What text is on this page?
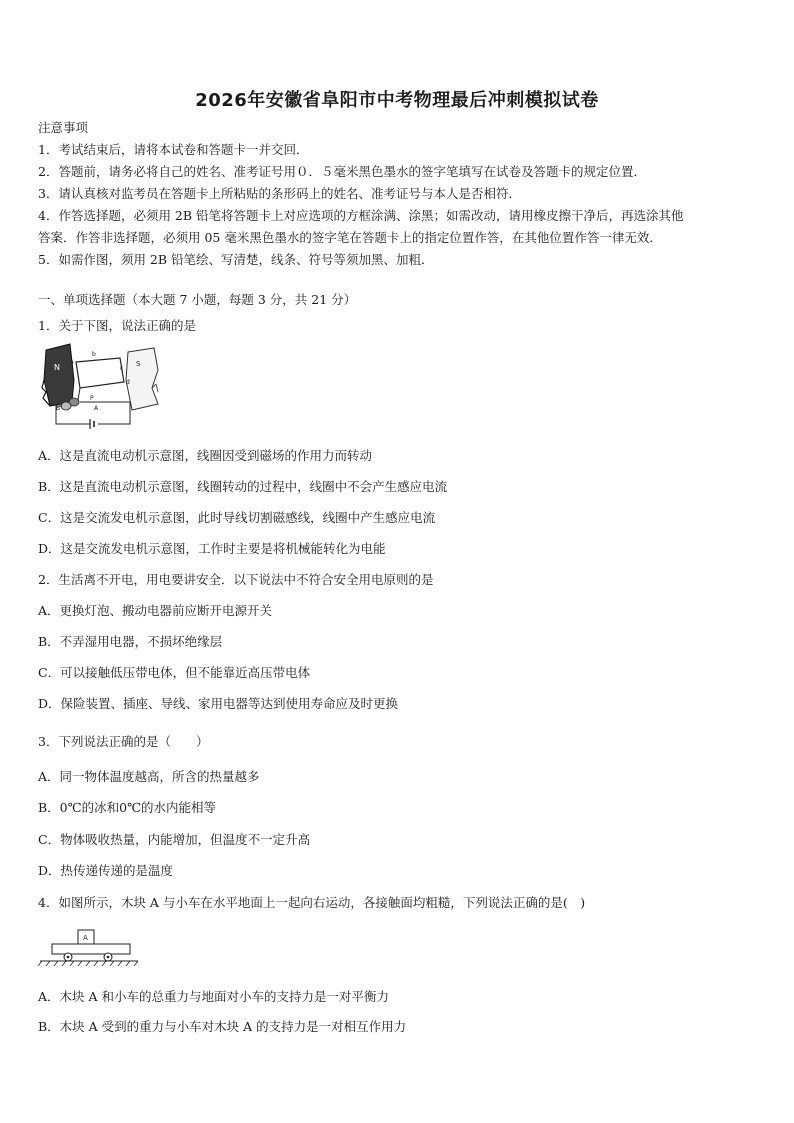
2026年安徽省阜阳市中考物理最后冲刺模拟试卷
注意事项
1．考试结束后，请将本试卷和答题卡一并交回．
2．答题前，请务必将自己的姓名、准考证号用０．５毫米黑色墨水的签字笔填写在试卷及答题卡的规定位置．
3．请认真核对监考员在答题卡上所粘贴的条形码上的姓名、准考证号与本人是否相符．
4．作答选择题，必须用 2B 铅笔将答题卡上对应选项的方框涂满、涂黑；如需改动，请用橡皮擦干净后，再选涂其他
答案．作答非选择题，必须用 05 毫米黑色墨水的签字笔在答题卡上的指定位置作答，在其他位置作答一律无效．
5．如需作图，须用 2B 铅笔绘、写清楚，线条、符号等须加黑、加粗．
一、单项选择题（本大题 7 小题，每题 3 分，共 21 分）
1．关于下图，说法正确的是
N	S
b
a
c
d
P
A
B
A．这是直流电动机示意图，线圈因受到磁场的作用力而转动
B．这是直流电动机示意图，线圈转动的过程中，线圈中不会产生感应电流
C．这是交流发电机示意图，此时导线切割磁感线，线圈中产生感应电流
D．这是交流发电机示意图，工作时主要是将机械能转化为电能
2．生活离不开电，用电要讲安全．以下说法中不符合安全用电原则的是
A．更换灯泡、搬动电器前应断开电源开关
B．不弄湿用电器，不损坏绝缘层
C．可以接触低压带电体，但不能靠近高压带电体
D．保险装置、插座、导线、家用电器等达到使用寿命应及时更换
3．下列说法正确的是（　　）
A．同一物体温度越高，所含的热量越多
B．0℃的冰和0℃的水内能相等
C．物体吸收热量，内能增加，但温度不一定升高
D．热传递传递的是温度
4．如图所示，木块 A 与小车在水平地面上一起向右运动，各接触面均粗糙，下列说法正确的是(　)
A
A．木块 A 和小车的总重力与地面对小车的支持力是一对平衡力
B．木块 A 受到的重力与小车对木块 A 的支持力是一对相互作用力
